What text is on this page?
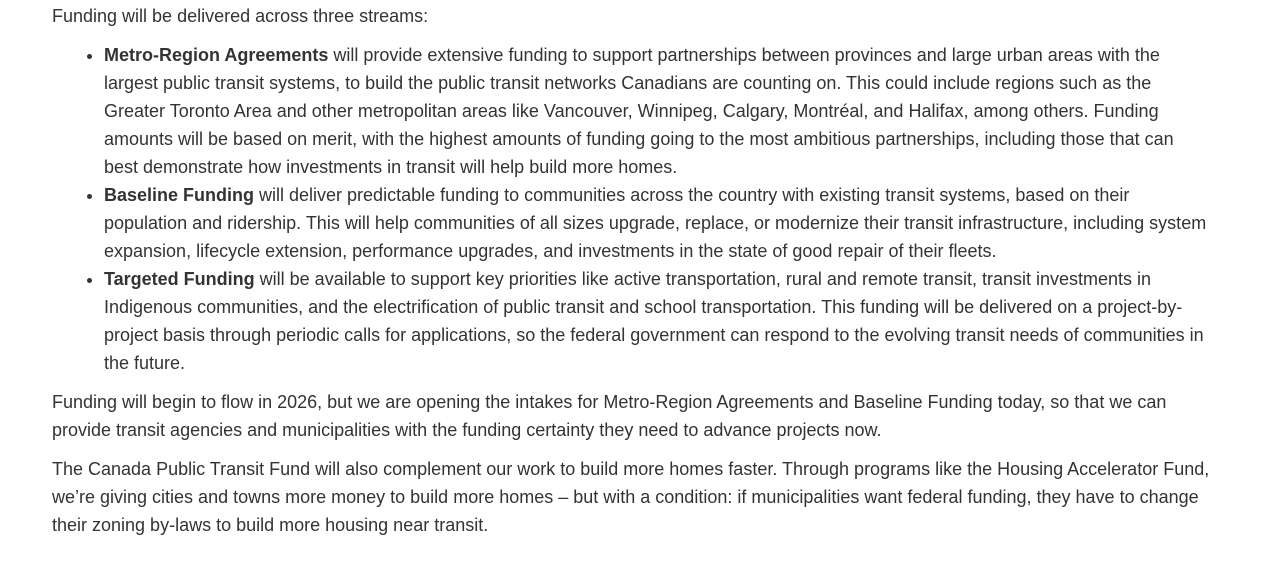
Funding will be delivered across three streams:

• Metro-Region Agreements will provide extensive funding to support partnerships between provinces and large urban areas with the largest public transit systems, to build the public transit networks Canadians are counting on. This could include regions such as the Greater Toronto Area and other metropolitan areas like Vancouver, Winnipeg, Calgary, Montréal, and Halifax, among others. Funding amounts will be based on merit, with the highest amounts of funding going to the most ambitious partnerships, including those that can best demonstrate how investments in transit will help build more homes.
• Baseline Funding will deliver predictable funding to communities across the country with existing transit systems, based on their population and ridership. This will help communities of all sizes upgrade, replace, or modernize their transit infrastructure, including system expansion, lifecycle extension, performance upgrades, and investments in the state of good repair of their fleets.
• Targeted Funding will be available to support key priorities like active transportation, rural and remote transit, transit investments in Indigenous communities, and the electrification of public transit and school transportation. This funding will be delivered on a project-by-project basis through periodic calls for applications, so the federal government can respond to the evolving transit needs of communities in the future.

Funding will begin to flow in 2026, but we are opening the intakes for Metro-Region Agreements and Baseline Funding today, so that we can provide transit agencies and municipalities with the funding certainty they need to advance projects now.

The Canada Public Transit Fund will also complement our work to build more homes faster. Through programs like the Housing Accelerator Fund, we’re giving cities and towns more money to build more homes – but with a condition: if municipalities want federal funding, they have to change their zoning by-laws to build more housing near transit.
